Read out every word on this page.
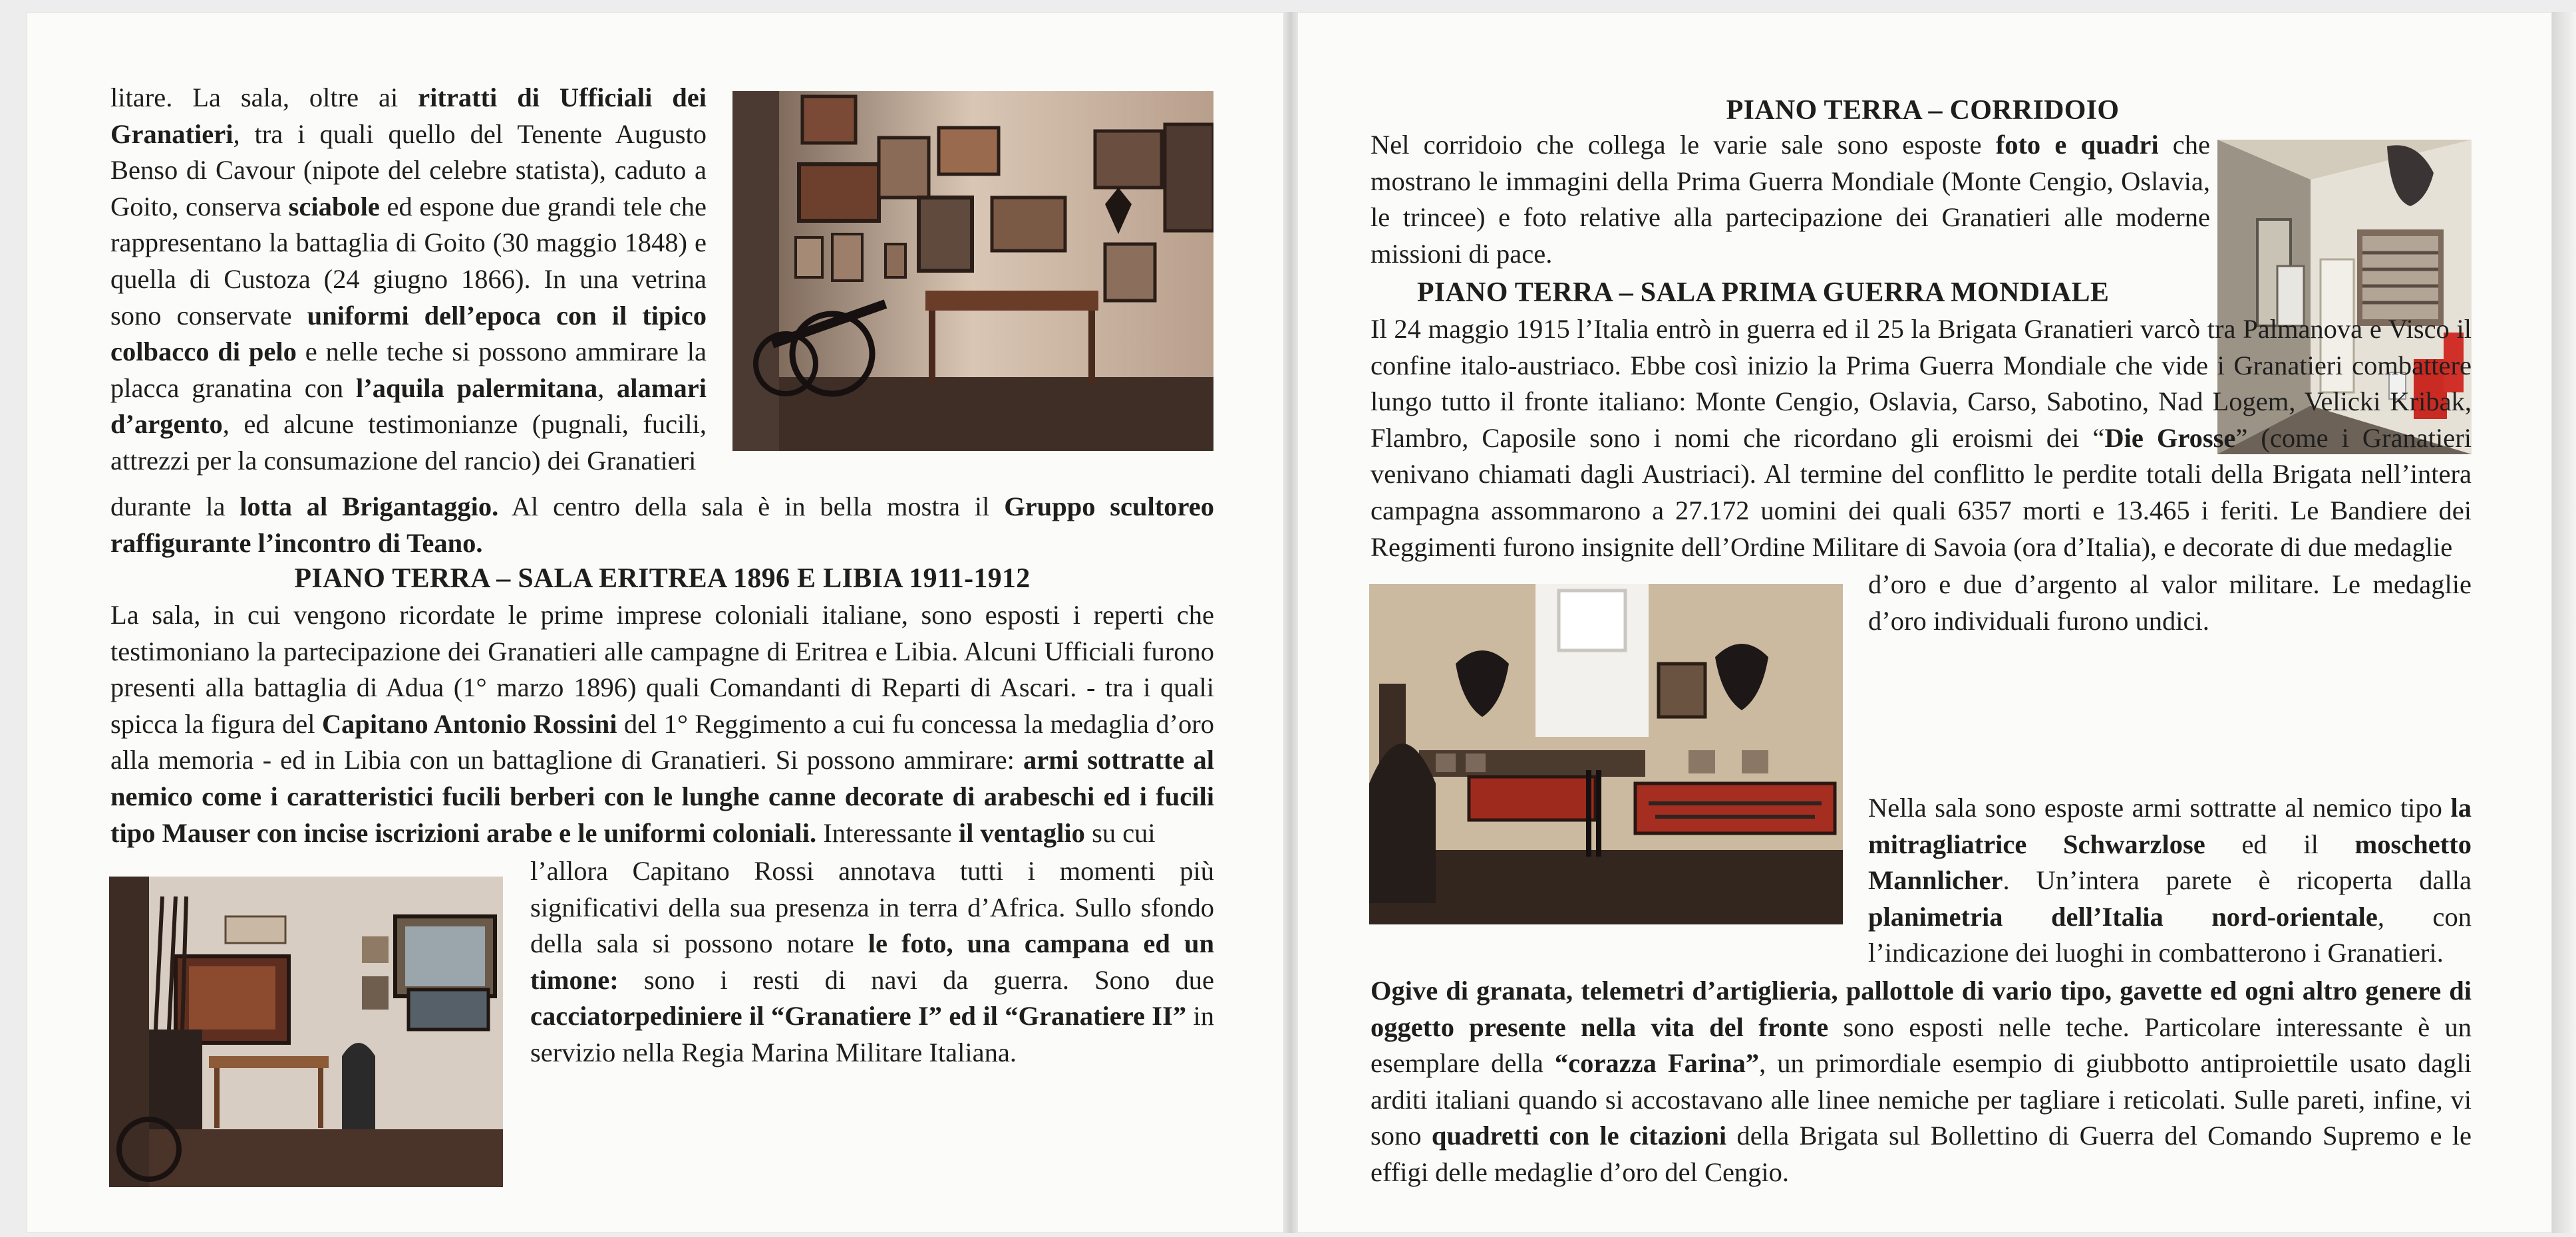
litare. La sala, oltre ai ritratti di Ufficiali dei Granatieri, tra i quali quello del Tenente Augusto Benso di Cavour (nipote del celebre statista), caduto a Goito, conserva sciabole ed espone due grandi tele che rappresentano la battaglia di Goito (30 maggio 1848) e quella di Custoza (24 giugno 1866). In una vetrina sono conservate uniformi dell’epoca con il tipico colbacco di pelo e nelle teche si possono ammirare la placca granatina con l’aquila palermitana, alamari d’argento, ed alcune testimonianze (pugnali, fucili, attrezzi per la consumazione del rancio) dei Granatieri

durante la lotta al Brigantaggio. Al centro della sala è in bella mostra il Gruppo scultoreo raffigurante l’incontro di Teano.

PIANO TERRA – SALA ERITREA 1896 E LIBIA 1911-1912

La sala, in cui vengono ricordate le prime imprese coloniali italiane, sono esposti i reperti che testimoniano la partecipazione dei Granatieri alle campagne di Eritrea e Libia. Alcuni Ufficiali furono presenti alla battaglia di Adua (1° marzo 1896) quali Comandanti di Reparti di Ascari. - tra i quali spicca la figura del Capitano Antonio Rossini del 1° Reggimento a cui fu concessa la medaglia d’oro alla memoria - ed in Libia con un battaglione di Granatieri. Si possono ammirare: armi sottratte al nemico come i caratteristici fucili berberi con le lunghe canne decorate di arabeschi ed i fucili tipo Mauser con incise iscrizioni arabe e le uniformi coloniali. Interessante il ventaglio su cui

l’allora Capitano Rossi annotava tutti i momenti più significativi della sua presenza in terra d’Africa. Sullo sfondo della sala si possono notare le foto, una campana ed un timone: sono i resti di navi da guerra. Sono due cacciatorpediniere il “Granatiere I” ed il “Granatiere II” in servizio nella Regia Marina Militare Italiana.

PIANO TERRA – CORRIDOIO

Nel corridoio che collega le varie sale sono esposte foto e quadri che mostrano le immagini della Prima Guerra Mondiale (Monte Cengio, Oslavia, le trincee) e foto relative alla partecipazione dei Granatieri alle moderne missioni di pace.

PIANO TERRA – SALA PRIMA GUERRA MONDIALE

Il 24 maggio 1915 l’Italia entrò in guerra ed il 25 la Brigata Granatieri varcò tra Palmanova e Visco il confine italo-austriaco. Ebbe così inizio la Prima Guerra Mondiale che vide i Granatieri combattere lungo tutto il fronte italiano: Monte Cengio, Oslavia, Carso, Sabotino, Nad Logem, Velicki Kribak, Flambro, Caposile sono i nomi che ricordano gli eroismi dei “Die Grosse” (come i Granatieri venivano chiamati dagli Austriaci). Al termine del conflitto le perdite totali della Brigata nell’intera campagna assommarono a 27.172 uomini dei quali 6357 morti e 13.465 i feriti. Le Bandiere dei Reggimenti furono insignite dell’Ordine Militare di Savoia (ora d’Italia), e decorate di due medaglie

d’oro e due d’argento al valor militare. Le medaglie d’oro individuali furono undici.

Nella sala sono esposte armi sottratte al nemico tipo la mitragliatrice Schwarzlose ed il moschetto Mannlicher. Un’intera parete è ricoperta dalla planimetria dell’Italia nord-orientale, con l’indicazione dei luoghi in combatterono i Granatieri.

Ogive di granata, telemetri d’artiglieria, pallottole di vario tipo, gavette ed ogni altro genere di oggetto presente nella vita del fronte sono esposti nelle teche. Particolare interessante è un esemplare della “corazza Farina”, un primordiale esempio di giubbotto antiproiettile usato dagli arditi italiani quando si accostavano alle linee nemiche per tagliare i reticolati. Sulle pareti, infine, vi sono quadretti con le citazioni della Brigata sul Bollettino di Guerra del Comando Supremo e le effigi delle medaglie d’oro del Cengio.
